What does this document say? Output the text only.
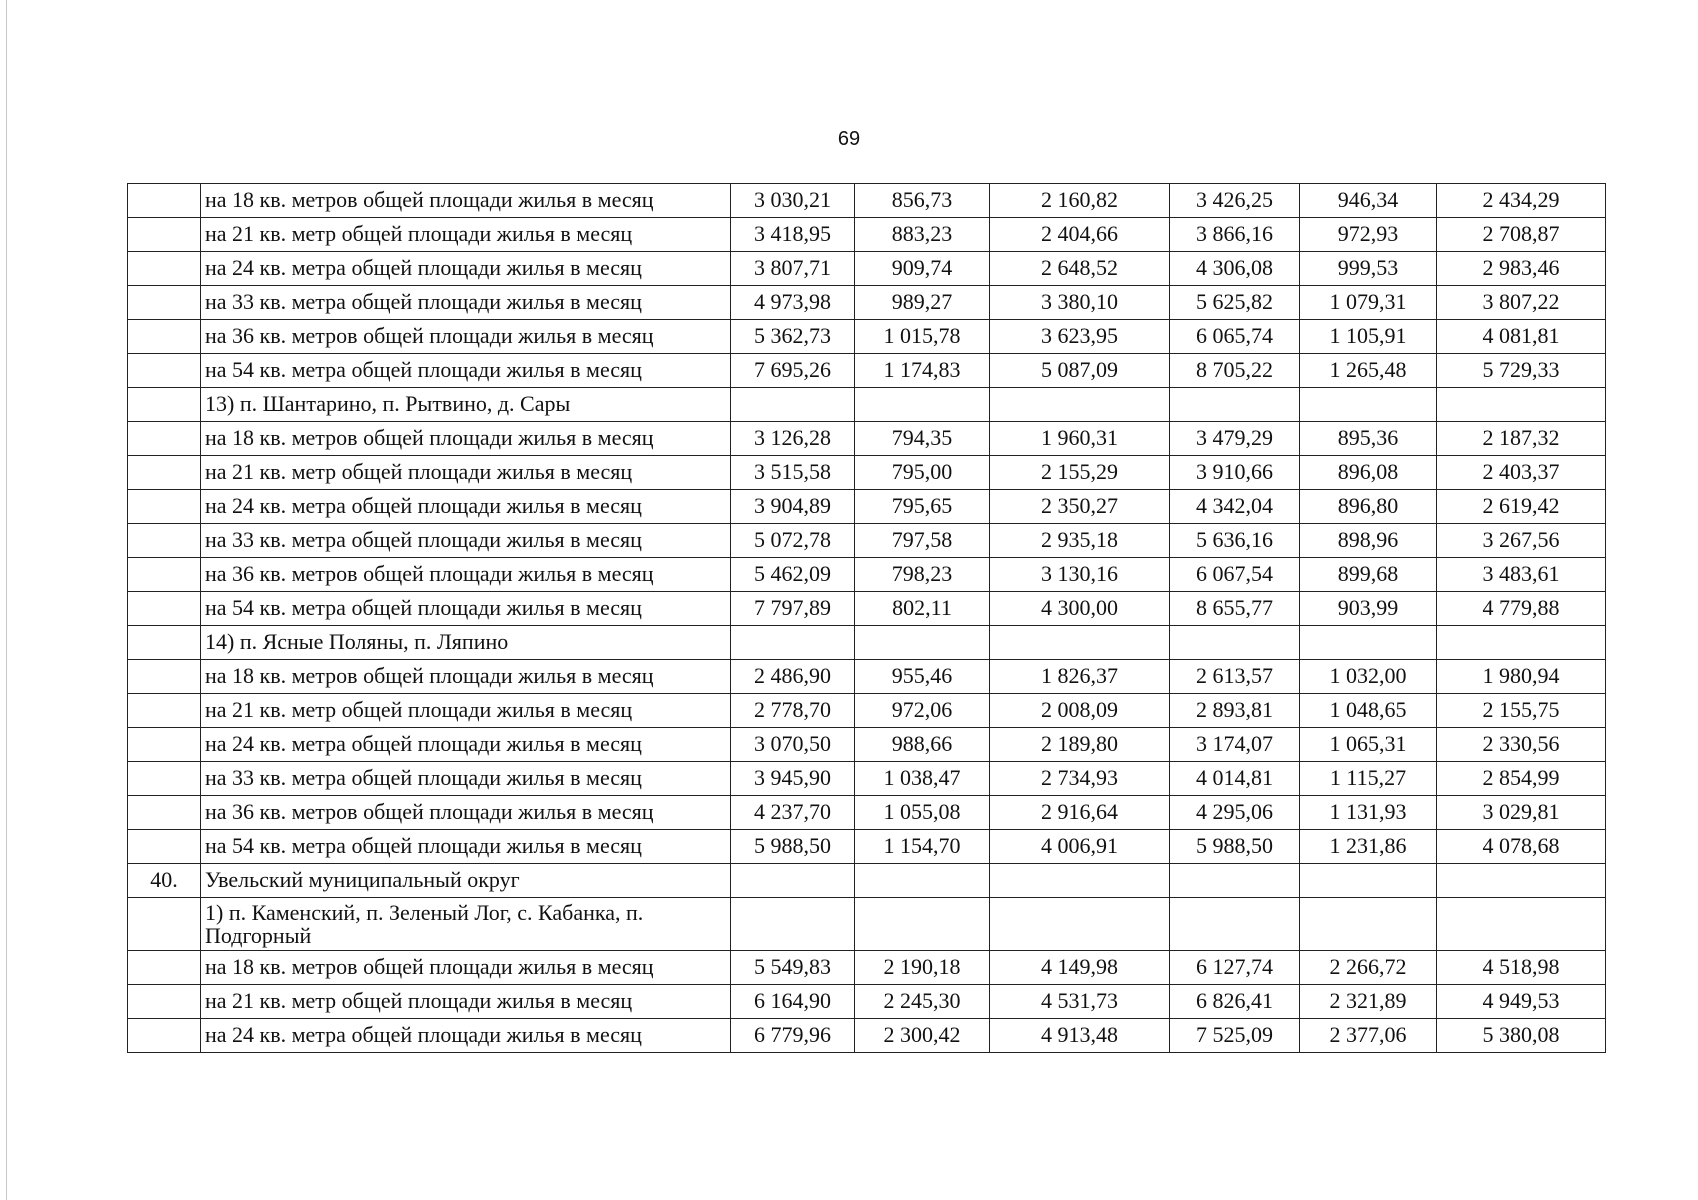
69
	на 18 кв. метров общей площади жилья в месяц	3 030,21	856,73	2 160,82	3 426,25	946,34	2 434,29
	на 21 кв. метр общей площади жилья в месяц	3 418,95	883,23	2 404,66	3 866,16	972,93	2 708,87
	на 24 кв. метра общей площади жилья в месяц	3 807,71	909,74	2 648,52	4 306,08	999,53	2 983,46
	на 33 кв. метра общей площади жилья в месяц	4 973,98	989,27	3 380,10	5 625,82	1 079,31	3 807,22
	на 36 кв. метров общей площади жилья в месяц	5 362,73	1 015,78	3 623,95	6 065,74	1 105,91	4 081,81
	на 54 кв. метра общей площади жилья в месяц	7 695,26	1 174,83	5 087,09	8 705,22	1 265,48	5 729,33
	13) п. Шантарино, п. Рытвино, д. Сары						
	на 18 кв. метров общей площади жилья в месяц	3 126,28	794,35	1 960,31	3 479,29	895,36	2 187,32
	на 21 кв. метр общей площади жилья в месяц	3 515,58	795,00	2 155,29	3 910,66	896,08	2 403,37
	на 24 кв. метра общей площади жилья в месяц	3 904,89	795,65	2 350,27	4 342,04	896,80	2 619,42
	на 33 кв. метра общей площади жилья в месяц	5 072,78	797,58	2 935,18	5 636,16	898,96	3 267,56
	на 36 кв. метров общей площади жилья в месяц	5 462,09	798,23	3 130,16	6 067,54	899,68	3 483,61
	на 54 кв. метра общей площади жилья в месяц	7 797,89	802,11	4 300,00	8 655,77	903,99	4 779,88
	14) п. Ясные Поляны, п. Ляпино						
	на 18 кв. метров общей площади жилья в месяц	2 486,90	955,46	1 826,37	2 613,57	1 032,00	1 980,94
	на 21 кв. метр общей площади жилья в месяц	2 778,70	972,06	2 008,09	2 893,81	1 048,65	2 155,75
	на 24 кв. метра общей площади жилья в месяц	3 070,50	988,66	2 189,80	3 174,07	1 065,31	2 330,56
	на 33 кв. метра общей площади жилья в месяц	3 945,90	1 038,47	2 734,93	4 014,81	1 115,27	2 854,99
	на 36 кв. метров общей площади жилья в месяц	4 237,70	1 055,08	2 916,64	4 295,06	1 131,93	3 029,81
	на 54 кв. метра общей площади жилья в месяц	5 988,50	1 154,70	4 006,91	5 988,50	1 231,86	4 078,68
40.	Увельский муниципальный округ						
	1) п. Каменский, п. Зеленый Лог, с. Кабанка, п. Подгорный						
	на 18 кв. метров общей площади жилья в месяц	5 549,83	2 190,18	4 149,98	6 127,74	2 266,72	4 518,98
	на 21 кв. метр общей площади жилья в месяц	6 164,90	2 245,30	4 531,73	6 826,41	2 321,89	4 949,53
	на 24 кв. метра общей площади жилья в месяц	6 779,96	2 300,42	4 913,48	7 525,09	2 377,06	5 380,08
